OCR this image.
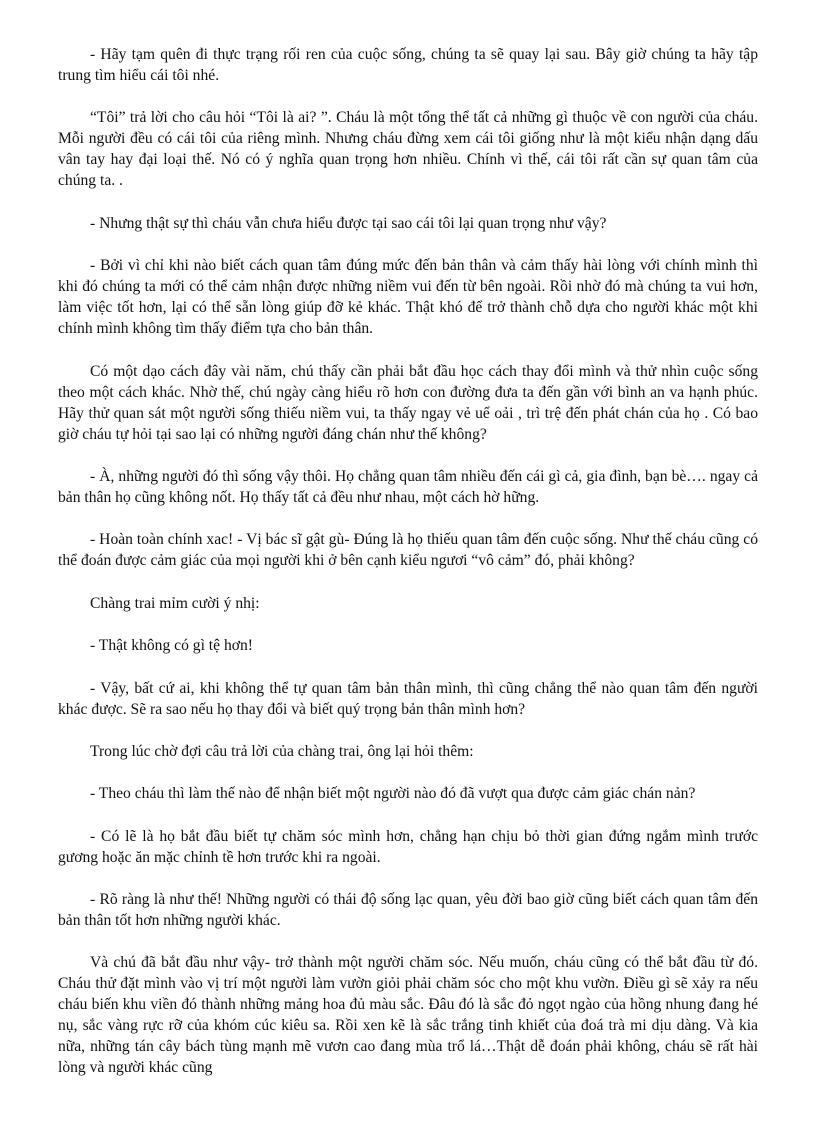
- Hãy tạm quên đi thực trạng rối ren của cuộc sống, chúng ta sẽ quay lại sau. Bây giờ chúng ta hãy tập trung tìm hiểu cái tôi nhé.

“Tôi” trả lời cho câu hỏi “Tôi là ai? ”. Cháu là một tổng thể tất cả những gì thuộc về con người của cháu. Mỗi người đều có cái tôi của riêng mình. Nhưng cháu đừng xem cái tôi giống như là một kiểu nhận dạng dấu vân tay hay đại loại thế. Nó có ý nghĩa quan trọng hơn nhiều. Chính vì thế, cái tôi rất cần sự quan tâm của chúng ta. .

- Nhưng thật sự thì cháu vẫn chưa hiểu được tại sao cái tôi lại quan trọng như vậy?

- Bởi vì chỉ khi nào biết cách quan tâm đúng mức đến bản thân và cảm thấy hài lòng với chính mình thì khi đó chúng ta mới có thể cảm nhận được những niềm vui đến từ bên ngoài. Rồi nhờ đó mà chúng ta vui hơn, làm việc tốt hơn, lại có thể sẵn lòng giúp đỡ kẻ khác. Thật khó để trở thành chỗ dựa cho người khác một khi chính mình không tìm thấy điểm tựa cho bản thân.

Có một dạo cách đây vài năm, chú thấy cần phải bắt đầu học cách thay đổi mình và thử nhìn cuộc sống theo một cách khác. Nhờ thế, chú ngày càng hiểu rõ hơn con đường đưa ta đến gần với bình an va hạnh phúc. Hãy thử quan sát một người sống thiếu niềm vui, ta thấy ngay vẻ uể oải , trì trệ đến phát chán của họ . Có bao giờ cháu tự hỏi tại sao lại có những người đáng chán như thế không?

- À, những người đó thì sống vậy thôi. Họ chẳng quan tâm nhiều đến cái gì cả, gia đình, bạn bè…. ngay cả bản thân họ cũng không nốt. Họ thấy tất cả đều như nhau, một cách hờ hững.

- Hoàn toàn chính xac! - Vị bác sĩ gật gù- Đúng là họ thiếu quan tâm đến cuộc sống. Như thế cháu cũng có thể đoán được cảm giác của mọi người khi ở bên cạnh kiểu ngươi “vô cảm” đó, phải không?

Chàng trai mỉm cười ý nhị:

- Thật không có gì tệ hơn!

- Vậy, bất cứ ai, khi không thể tự quan tâm bản thân mình, thì cũng chẳng thể nào quan tâm đến người khác được. Sẽ ra sao nếu họ thay đổi và biết quý trọng bản thân mình hơn?

Trong lúc chờ đợi câu trả lời của chàng trai, ông lại hỏi thêm:

- Theo cháu thì làm thế nào để nhận biết một người nào đó đã vượt qua được cảm giác chán nản?

- Có lẽ là họ bắt đầu biết tự chăm sóc mình hơn, chẳng hạn chịu bỏ thời gian đứng ngắm mình trước gương hoặc ăn mặc chỉnh tề hơn trước khi ra ngoài.

- Rõ ràng là như thế! Những người có thái độ sống lạc quan, yêu đời bao giờ cũng biết cách quan tâm đến bản thân tốt hơn những người khác.

Và chú đã bắt đầu như vậy- trở thành một người chăm sóc. Nếu muốn, cháu cũng có thể bắt đầu từ đó. Cháu thử đặt mình vào vị trí một người làm vườn giỏi phải chăm sóc cho một khu vườn. Điều gì sẽ xảy ra nếu cháu biến khu viền đó thành những mảng hoa đủ màu sắc. Đâu đó là sắc đỏ ngọt ngào của hồng nhung đang hé nụ, sắc vàng rực rỡ của khóm cúc kiêu sa. Rồi xen kẽ là sắc trắng tinh khiết của đoá trà mi dịu dàng. Và kia nữa, những tán cây bách tùng mạnh mẽ vươn cao đang mùa trổ lá…Thật dễ đoán phải không, cháu sẽ rất hài lòng và người khác cũng
